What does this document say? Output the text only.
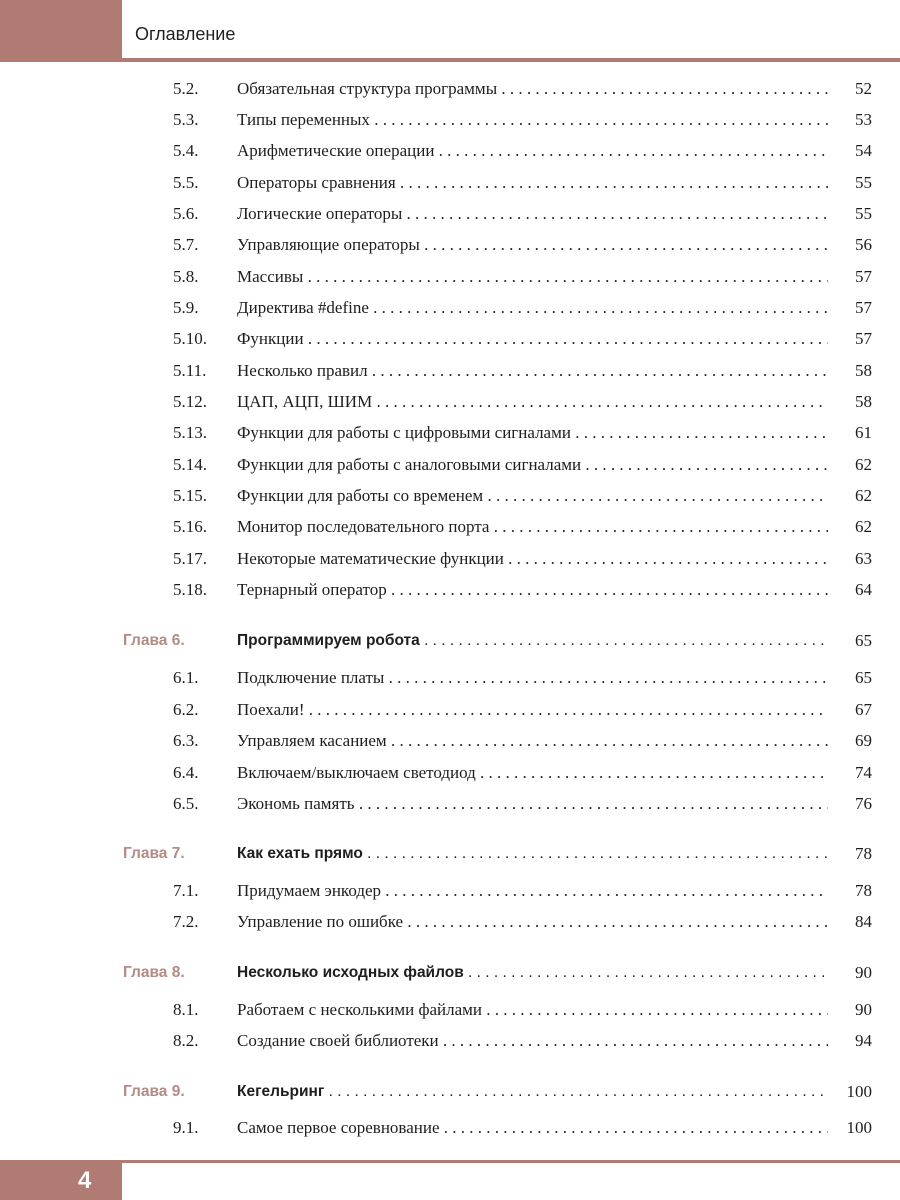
Оглавление
5.2. Обязательная структура программы . . .	52
5.3. Типы переменных . . .	53
5.4. Арифметические операции . . .	54
5.5. Операторы сравнения . . .	55
5.6. Логические операторы . . .	55
5.7. Управляющие операторы . . .	56
5.8. Массивы . . .	57
5.9. Директива #define . . .	57
5.10. Функции . . .	57
5.11. Несколько правил . . .	58
5.12. ЦАП, АЦП, ШИМ . . .	58
5.13. Функции для работы с цифровыми сигналами . . .	61
5.14. Функции для работы с аналоговыми сигналами . . .	62
5.15. Функции для работы со временем . . .	62
5.16. Монитор последовательного порта . . .	62
5.17. Некоторые математические функции . . .	63
5.18. Тернарный оператор . . .	64
Глава 6.	Программируем робота . . .	65
6.1. Подключение платы . . .	65
6.2. Поехали! . . .	67
6.3. Управляем касанием . . .	69
6.4. Включаем/выключаем светодиод . . .	74
6.5. Экономь память . . .	76
Глава 7.	Как ехать прямо . . .	78
7.1. Придумаем энкодер . . .	78
7.2. Управление по ошибке . . .	84
Глава 8.	Несколько исходных файлов . . .	90
8.1. Работаем с несколькими файлами . . .	90
8.2. Создание своей библиотеки . . .	94
Глава 9.	Кегельринг . . .	100
9.1. Самое первое соревнование . . .	100
4
